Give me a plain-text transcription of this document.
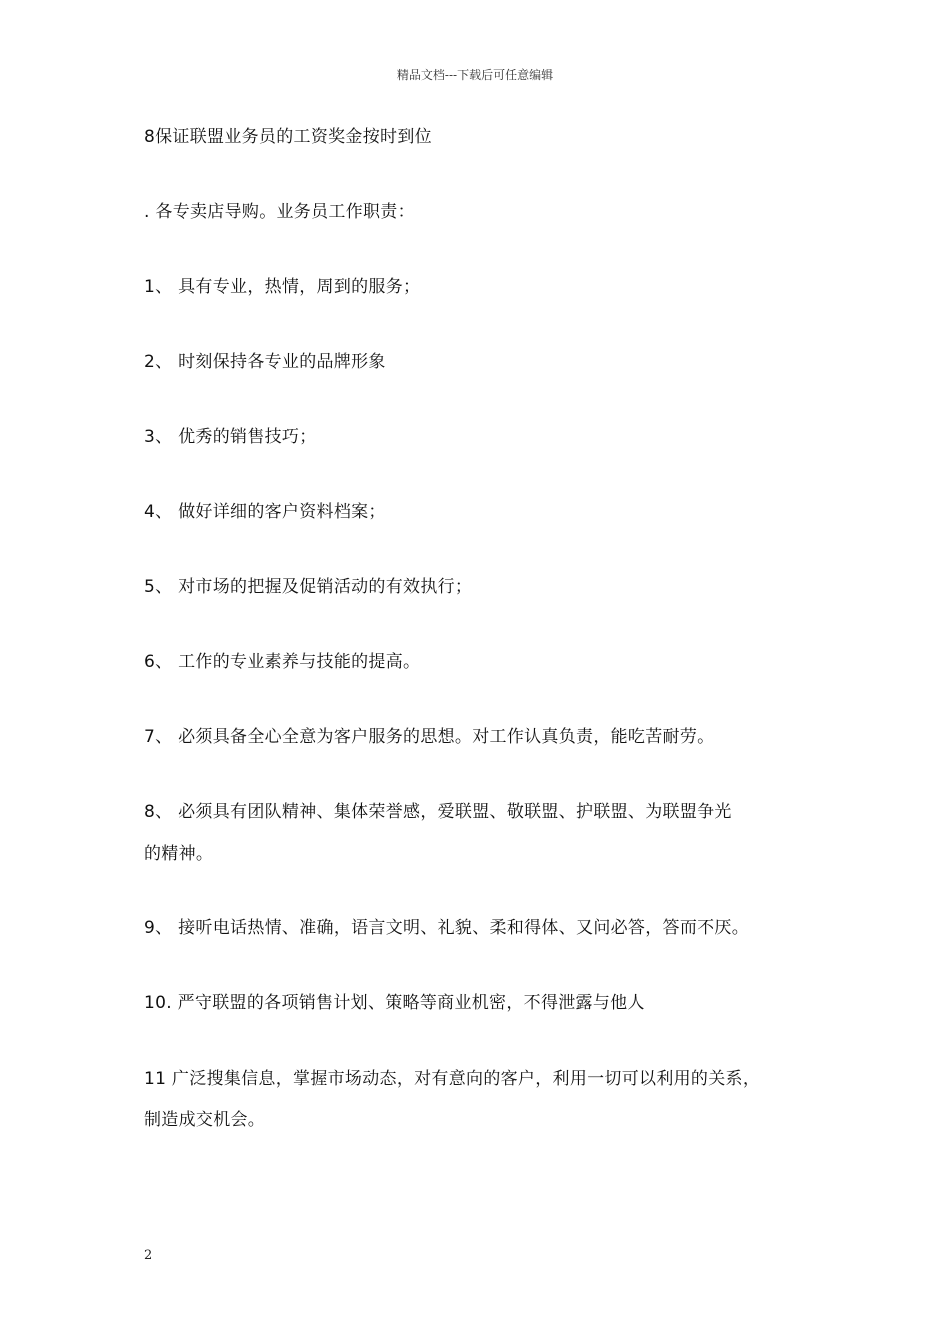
精品文档---下载后可任意编辑
8保证联盟业务员的工资奖金按时到位
. 各专卖店导购。业务员工作职责：
1、 具有专业，热情，周到的服务；
2、 时刻保持各专业的品牌形象
3、 优秀的销售技巧；
4、 做好详细的客户资料档案；
5、 对市场的把握及促销活动的有效执行；
6、 工作的专业素养与技能的提高。
7、 必须具备全心全意为客户服务的思想。对工作认真负责，能吃苦耐劳。
8、 必须具有团队精神、集体荣誉感，爱联盟、敬联盟、护联盟、为联盟争光
的精神。
9、 接听电话热情、准确，语言文明、礼貌、柔和得体、又问必答，答而不厌。
10. 严守联盟的各项销售计划、策略等商业机密，不得泄露与他人
11 广泛搜集信息，掌握市场动态，对有意向的客户，利用一切可以利用的关系，
制造成交机会。
2
